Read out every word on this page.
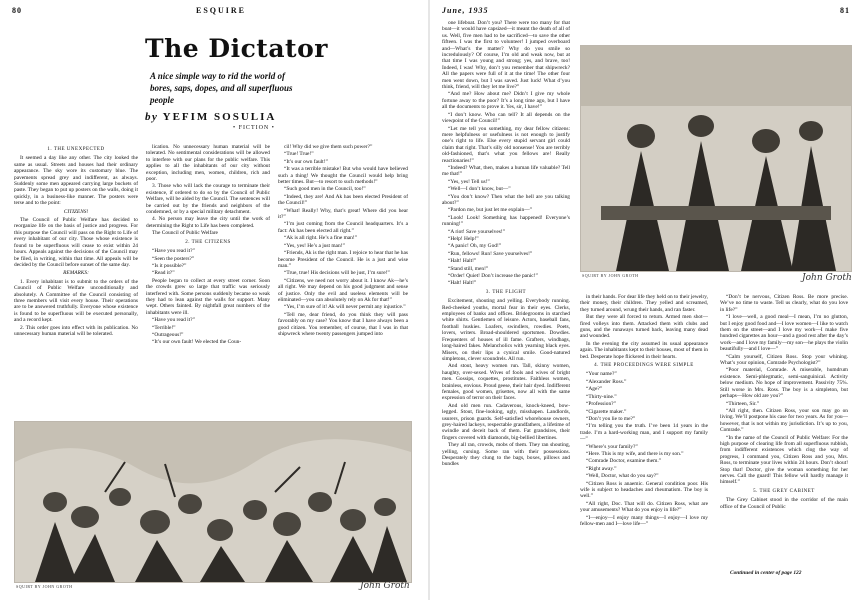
80	ESQUIRE
The Dictator
A nice simple way to rid the world of bores, saps, dopes, and all superfluous people
by YEFIM SOSULIA
• FICTION •

1. THE UNEXPECTED

It seemed a day like any other. The city looked the same as usual. Streets and houses had their ordinary appearance. The sky wore its customary blue. The pavements spread grey and indifferent, as always. Suddenly some men appeared carrying large buckets of paste. They began to put up posters on the walls, doing it quickly, in a business-like manner. The posters were terse and to the point:

CITIZENS!

The Council of Public Welfare has decided to reorganize life on the basis of justice and progress. For this purpose the Council will pass on the Right to Life of every inhabitant of our city. Those whose existence is found to be superfluous will cease to exist within 24 hours. Appeals against the decisions of the Council may be filed, in writing, within that time. All appeals will be decided by the Council before sunset of the same day.

REMARKS:

1. Every inhabitant is to submit to the orders of the Council of Public Welfare unconditionally and absolutely. A Committee of the Council consisting of three members will visit every house. Their operations are to be answered truthfully. Everyone whose existence is found to be superfluous will be executed personally, and a record kept.

2. This order goes into effect with its publication. No unnecessary human material will be tolerated.

lication. No unnecessary human material will be tolerated. No sentimental considerations will be allowed to interfere with our plans for the public welfare. This applies to all the inhabitants of our city without exception, including men, women, children, rich and poor.

3. Those who will lack the courage to terminate their existence, if ordered to do so by the Council of Public Welfare, will be aided by the Council. The sentences will be carried out by the friends and neighbors of the condemned, or by a special military detachment.

4. No person may leave the city until the work of determining the Right to Life has been completed.

The Council of Public Welfare

2. THE CITIZENS

“Have you read it?”

“Seen the posters?”

“Is it possible?”

“Read it?”

People began to collect at every street corner. Soon the crowds grew so large that traffic was seriously interfered with. Some persons suddenly became so weak they had to lean against the walls for support. Many wept. Others fainted. By nightfall great numbers of the inhabitants were ill.

“Have you read it?”

“Terrible!”

“Outrageous!”

“It’s our own fault! We elected the Coun-

cil! Why did we give them such power?”

“True! True!”

“It’s our own fault!”

“It was a terrible mistake! But who would have believed such a thing! We thought the Council would help bring better times. But—to resort to such methods!”

“Such good men in the Council, too!”

“Indeed, they are! And Ak has been elected President of the Council!”

“What! Really! Why, that’s great! Where did you hear it?”

“I’m just coming from the Council headquarters. It’s a fact: Ak has been elected all right.”

“Ak is all right. He’s a fine man!”

“Yes, yes! He’s a just man!”

“Friends, Ak is the right man. I rejoice to hear that he has become President of the Council. He is a just and wise man.”

“True, true! His decisions will be just, I’m sure!”

“Citizens, we need not worry about it. I know Ak—he’s all right. We may depend on his good judgment and sense of justice. Only the evil and useless elements will be eliminated—you can absolutely rely on Ak for that!”

“Yes, I’m sure of it! Ak will never permit any injustice.”

“Tell me, dear friend, do you think they will pass favorably on my case? You know that I have always been a good citizen. You remember, of course, that I was in that shipwreck where twenty passengers jumped into

SQUIRT BY JOHN GROTH	John Groth
June, 1935	81

one lifeboat. Don’t you? There were too many for that boat—it would have capsized—it meant the death of all of us. Well, five men had to be sacrificed—to save the other fifteen. I was the first to volunteer! I jumped overboard and—What’s the matter? Why do you smile so incredulously? Of course, I’m old and weak now, but at that time I was young and strong; yes, and brave, too! Indeed, I was! Why, don’t you remember that shipwreck? All the papers were full of it at the time! The other four men went down, but I was saved. Just luck! What d’you think, friend, will they let me live?”

“And me? How about me? Didn’t I give my whole fortune away to the poor? It’s a long time ago, but I have all the documents to prove it. Yes, sir, I have!”

“I don’t know. Who can tell? It all depends on the viewpoint of the Council!”

“Let me tell you something, my dear fellow citizens: mere helpfulness or usefulness is not enough to justify one’s right to life. Else every stupid servant girl could claim that right. That’s silly old nonsense! You are terribly old-fashioned, that’s what you fellows are! Really reactionaries!”

“Indeed? What, then, makes a human life valuable? Tell me that!”

“Yes, yes! Tell us!”

“Well—I don’t know, but—”

“You don’t know? Then what the hell are you talking about?”

“Pardon me, but just let me explain—”

“Look! Look! Something has happened! Everyone’s running!”

“A riot! Save yourselves!”

“Help! Help!”

“A panic! Oh, my God!”

“Run, fellows! Run! Save yourselves!”

“Halt! Halt!”

“Stand still, men!”

“Order! Quiet! Don’t increase the panic!”

“Halt! Halt!”

3. THE FLIGHT

Excitement, shouting and yelling. Everybody running. Red-cheeked youths, mortal fear in their eyes. Clerks, employees of banks and offices. Bridegrooms in starched white shirts. Gentlemen of leisure. Actors, baseball fans, football huskies. Loafers, swindlers, rowdies. Poets, lovers, writers. Broad-shouldered sportsmen. Dowdies. Frequenters of houses of ill fame. Grafters, windbags, long-haired fakes. Melancholics with yearning black eyes. Misers, on their lips a cynical smile. Good-natured simpletons, clever scoundrels. All run.

And stout, heavy women run. Tall, skinny women, haughty, over-sexed. Wives of fools and wives of bright men. Gossips, coquettes, prostitutes. Faithless women, brainless, envious. Proud geese, their hair dyed. Indifferent females, good women, grisettes, now all with the same expression of terror on their faces.

And old men run. Cadaverous, knock-kneed, bow-legged. Stout, fine-looking, ugly, misshapen. Landlords, usurers, prison guards. Self-satisfied whorehouse owners, grey-haired lackeys, respectable grandfathers, a lifetime of swindle and deceit back of them. Fat grandsires, their fingers covered with diamonds, big-bellied libertines.

They all ran, crowds, mobs of them. They ran shouting, yelling, cursing. Some ran with their possessions. Desperately they clung to the bags, boxes, pillows and bundles

SQUIRT BY JOHN GROTH	John Groth

in their hands. For dear life they held on to their jewelry, their money, their children. They yelled and screamed, they turned around, wrung their hands, and ran faster.

But they were all forced to return. Armed men shot—fired volleys into them. Attacked them with clubs and guns, and the runaways turned back, leaving many dead and wounded.

In the evening the city assumed its usual appearance again. The inhabitants kept to their houses, most of them in bed. Desperate hope flickered in their hearts.

4. THE PROCEEDINGS WERE SIMPLE

“Your name?”

“Alexander Ross.”

“Age?”

“Thirty-nine.”

“Profession?”

“Cigarette maker.”

“Don’t you lie to me?”

“I’m telling you the truth. I’ve been 14 years in the trade. I’m a hard-working man, and I support my family—”

“Where’s your family?”

“Here. This is my wife, and there is my son.”

“Comrade Doctor, examine them.”

“Right away.”

“Well, Doctor, what do you say?”

“Citizen Ross is anaemic. General condition poor. His wife is subject to headaches and rheumatism. The boy is well.”

“All right, Doc. That will do. Citizen Ross, what are your amusements? What do you enjoy in life?”

“I—enjoy—I enjoy many things—I enjoy—I love my fellow-men and I—love life—”

“Don’t be nervous, Citizen Ross. Be more precise. We’ve no time to waste. Tell us clearly, what do you love in life?”

“I love—well, a good meal—I mean, I’m no glutton, but I enjoy good food and—I love women—I like to watch them on the street—and I love my work—I make five hundred cigarettes an hour—and a good rest after the day’s work—and I love my family—my son—he plays the violin beautifully—and I love—”

“Calm yourself, Citizen Ross. Stop your whining. What’s your opinion, Comrade Psychologist?”

“Poor material, Comrade. A miserable, humdrum existence. Semi-phlegmatic, semi-sanguinical. Activity below medium. No hope of improvement. Passivity 75%. Still worse in Mrs. Ross. The boy is a simpleton, but perhaps—How old are you?”

“Thirteen, Sir.”

“All right, then. Citizen Ross, your son may go on living. We’ll postpone his case for two years. As for you—however, that is not within my jurisdiction. It’s up to you, Comrade.”

“In the name of the Council of Public Welfare: For the high purpose of clearing life from all superfluous rubbish, from indifferent existences which clog the way of progress, I command you, Citizen Ross and you, Mrs. Ross, to terminate your lives within 24 hours. Don’t shout! Stop that! Doctor, give the woman something for her nerves. Call the guard! This fellow will hardly manage it himself.”

5. THE GREY CABINET

The Grey Cabinet stood in the corridor of the main office of the Council of Public

Continued in center of page 122
